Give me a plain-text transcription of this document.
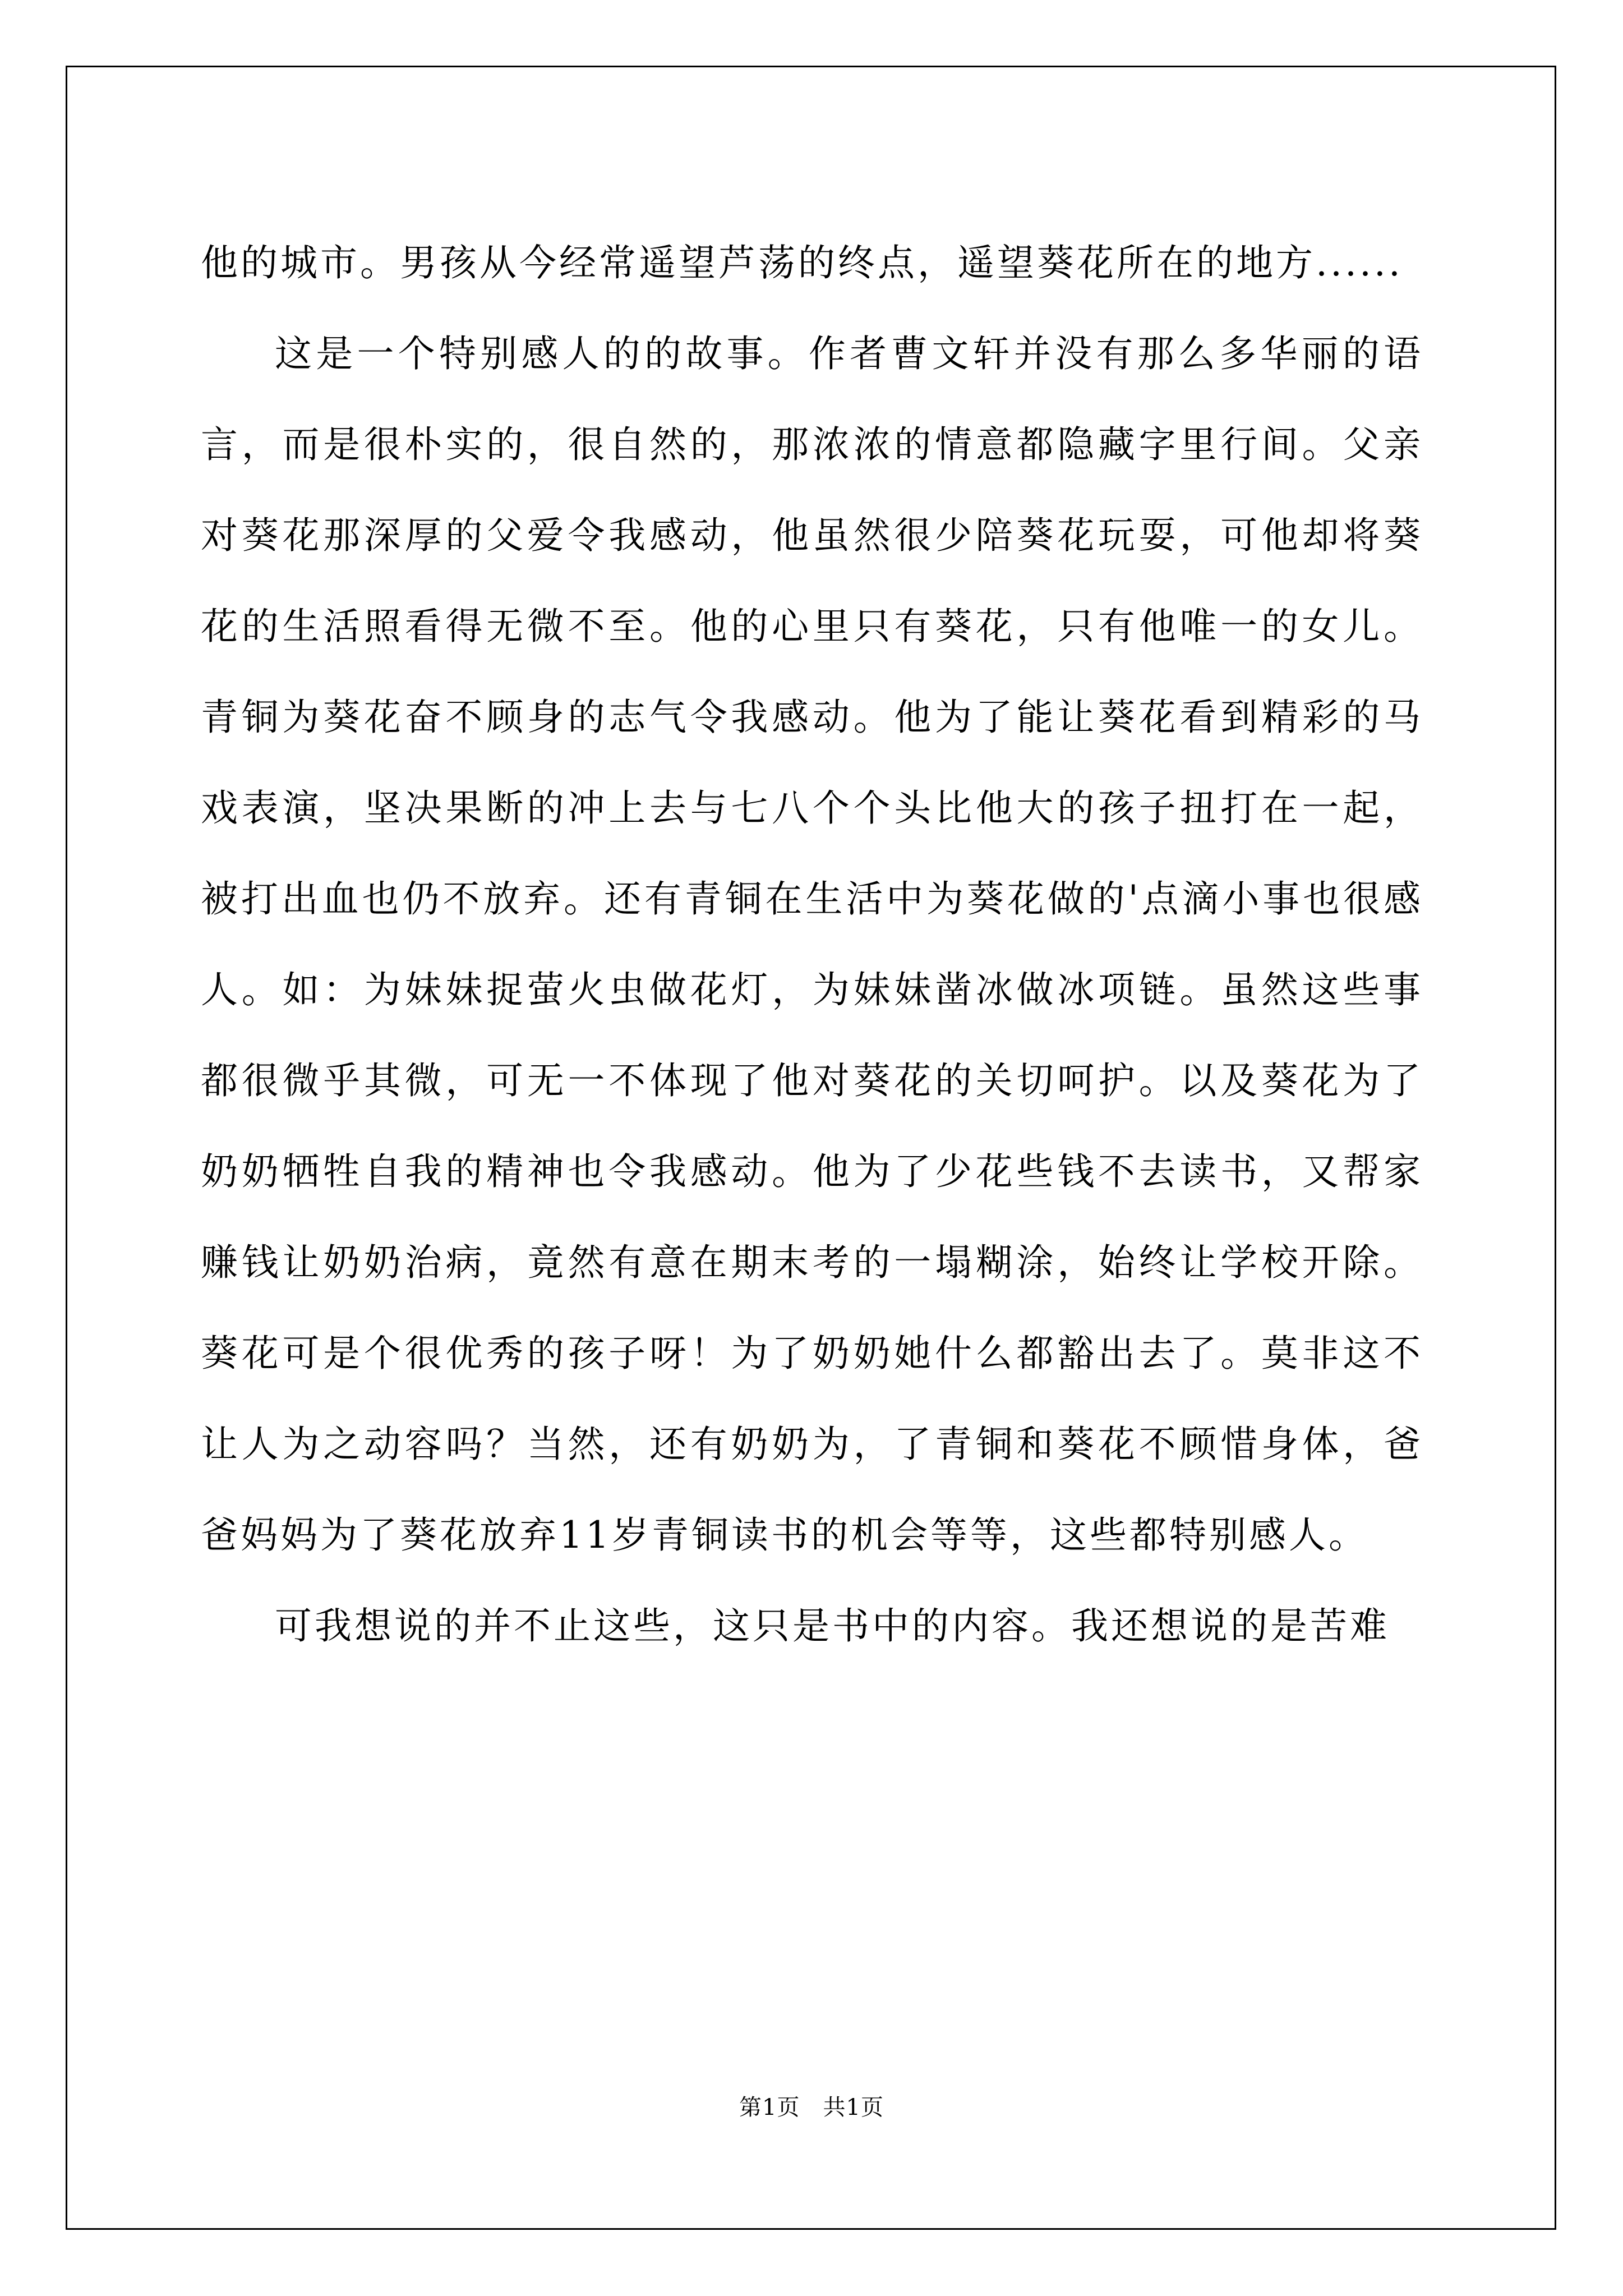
他的城市。男孩从今经常遥望芦荡的终点，遥望葵花所在的地方......

这是一个特别感人的的故事。作者曹文轩并没有那么多华丽的语言，而是很朴实的，很自然的，那浓浓的情意都隐藏字里行间。父亲对葵花那深厚的父爱令我感动，他虽然很少陪葵花玩耍，可他却将葵花的生活照看得无微不至。他的心里只有葵花，只有他唯一的女儿。青铜为葵花奋不顾身的志气令我感动。他为了能让葵花看到精彩的马戏表演，坚决果断的冲上去与七八个个头比他大的孩子扭打在一起，被打出血也仍不放弃。还有青铜在生活中为葵花做的'点滴小事也很感人。如：为妹妹捉萤火虫做花灯，为妹妹凿冰做冰项链。虽然这些事都很微乎其微，可无一不体现了他对葵花的关切呵护。以及葵花为了奶奶牺牲自我的精神也令我感动。他为了少花些钱不去读书，又帮家赚钱让奶奶治病，竟然有意在期末考的一塌糊涂，始终让学校开除。葵花可是个很优秀的孩子呀！为了奶奶她什么都豁出去了。莫非这不让人为之动容吗？当然，还有奶奶为，了青铜和葵花不顾惜身体，爸爸妈妈为了葵花放弃11岁青铜读书的机会等等，这些都特别感人。

可我想说的并不止这些，这只是书中的内容。我还想说的是苦难

第1页　共1页
